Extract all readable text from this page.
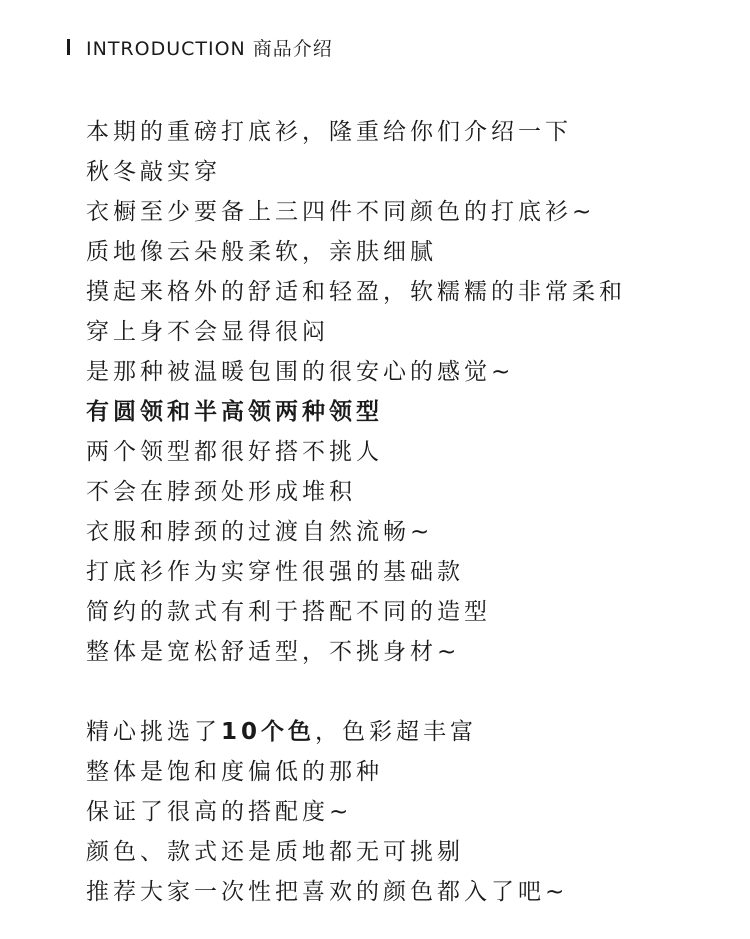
INTRODUCTION 商品介绍
本期的重磅打底衫，隆重给你们介绍一下
秋冬敲实穿
衣橱至少要备上三四件不同颜色的打底衫~
质地像云朵般柔软，亲肤细腻
摸起来格外的舒适和轻盈，软糯糯的非常柔和
穿上身不会显得很闷
是那种被温暖包围的很安心的感觉~
有圆领和半高领两种领型
两个领型都很好搭不挑人
不会在脖颈处形成堆积
衣服和脖颈的过渡自然流畅~
打底衫作为实穿性很强的基础款
简约的款式有利于搭配不同的造型
整体是宽松舒适型，不挑身材~
精心挑选了10个色，色彩超丰富
整体是饱和度偏低的那种
保证了很高的搭配度~
颜色、款式还是质地都无可挑剔
推荐大家一次性把喜欢的颜色都入了吧~
